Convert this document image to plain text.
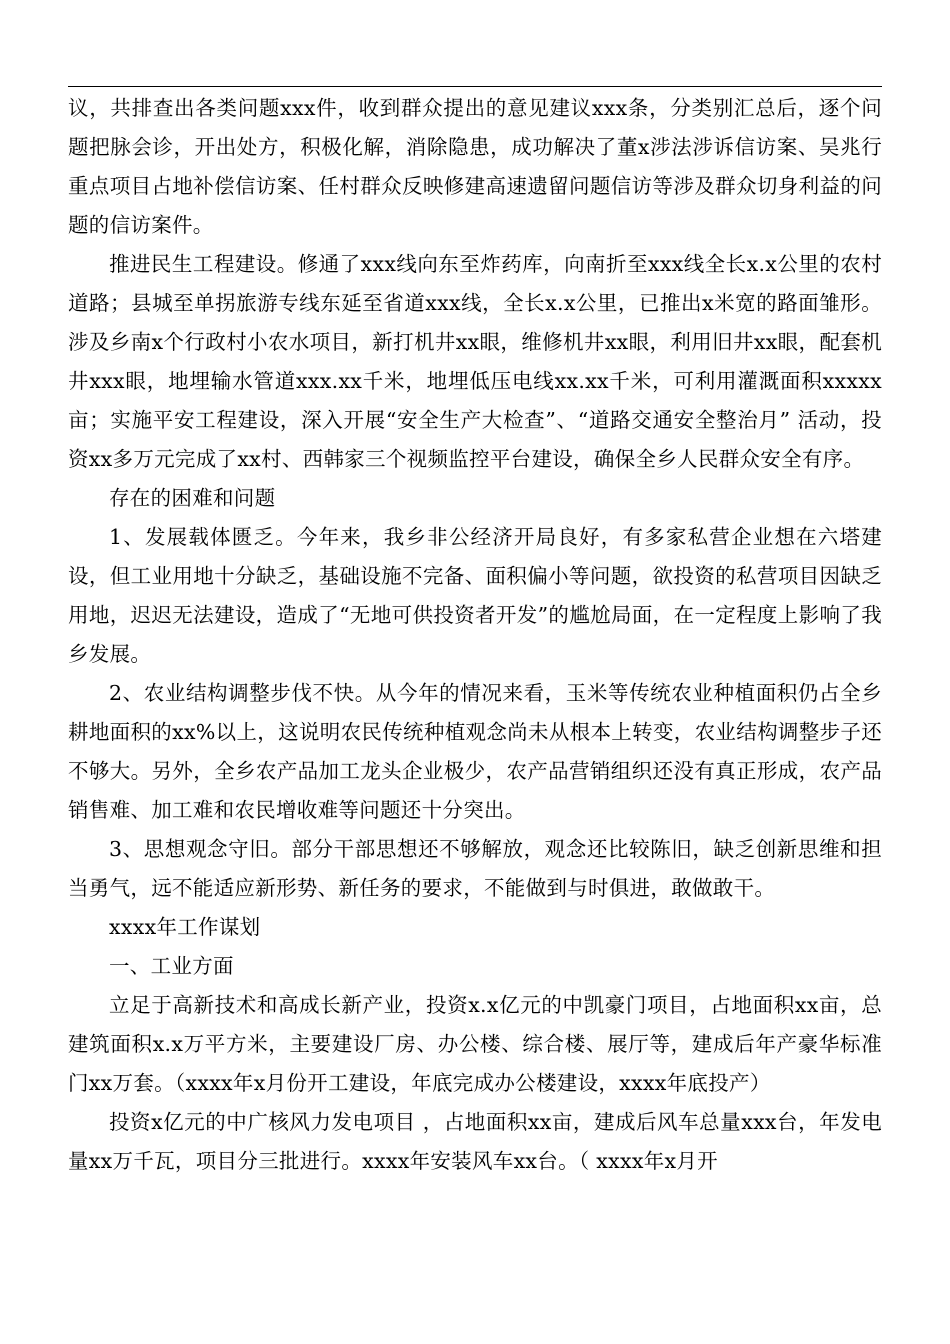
议，共排查出各类问题xxx件，收到群众提出的意见建议xxx条，分类别汇总后，逐个问题把脉会诊，开出处方，积极化解，消除隐患，成功解决了董x涉法涉诉信访案、吴兆行重点项目占地补偿信访案、任村群众反映修建高速遗留问题信访等涉及群众切身利益的问题的信访案件。

推进民生工程建设。修通了xxx线向东至炸药库，向南折至xxx线全长x.x公里的农村道路；县城至单拐旅游专线东延至省道xxx线，全长x.x公里，已推出x米宽的路面雏形。涉及乡南x个行政村小农水项目，新打机井xx眼，维修机井xx眼，利用旧井xx眼，配套机井xxx眼，地埋输水管道xxx.xx千米，地埋低压电线xx.xx千米，可利用灌溉面积xxxxx亩；实施平安工程建设，深入开展“安全生产大检查”、“道路交通安全整治月” 活动，投资xx多万元完成了xx村、西韩家三个视频监控平台建设，确保全乡人民群众安全有序。

存在的困难和问题

1、发展载体匮乏。今年来，我乡非公经济开局良好，有多家私营企业想在六塔建设，但工业用地十分缺乏，基础设施不完备、面积偏小等问题，欲投资的私营项目因缺乏用地，迟迟无法建设，造成了“无地可供投资者开发”的尴尬局面，在一定程度上影响了我乡发展。

2、农业结构调整步伐不快。从今年的情况来看，玉米等传统农业种植面积仍占全乡耕地面积的xx%以上，这说明农民传统种植观念尚未从根本上转变，农业结构调整步子还不够大。另外，全乡农产品加工龙头企业极少，农产品营销组织还没有真正形成，农产品销售难、加工难和农民增收难等问题还十分突出。

3、思想观念守旧。部分干部思想还不够解放，观念还比较陈旧，缺乏创新思维和担当勇气，远不能适应新形势、新任务的要求，不能做到与时俱进，敢做敢干。

xxxx年工作谋划

一、工业方面

立足于高新技术和高成长新产业，投资x.x亿元的中凯豪门项目，占地面积xx亩，总建筑面积x.x万平方米，主要建设厂房、办公楼、综合楼、展厅等，建成后年产豪华标准门xx万套。（xxxx年x月份开工建设，年底完成办公楼建设，xxxx年底投产）

投资x亿元的中广核风力发电项目 ，占地面积xx亩，建成后风车总量xxx台，年发电量xx万千瓦，项目分三批进行。xxxx年安装风车xx台。（ xxxx年x月开
